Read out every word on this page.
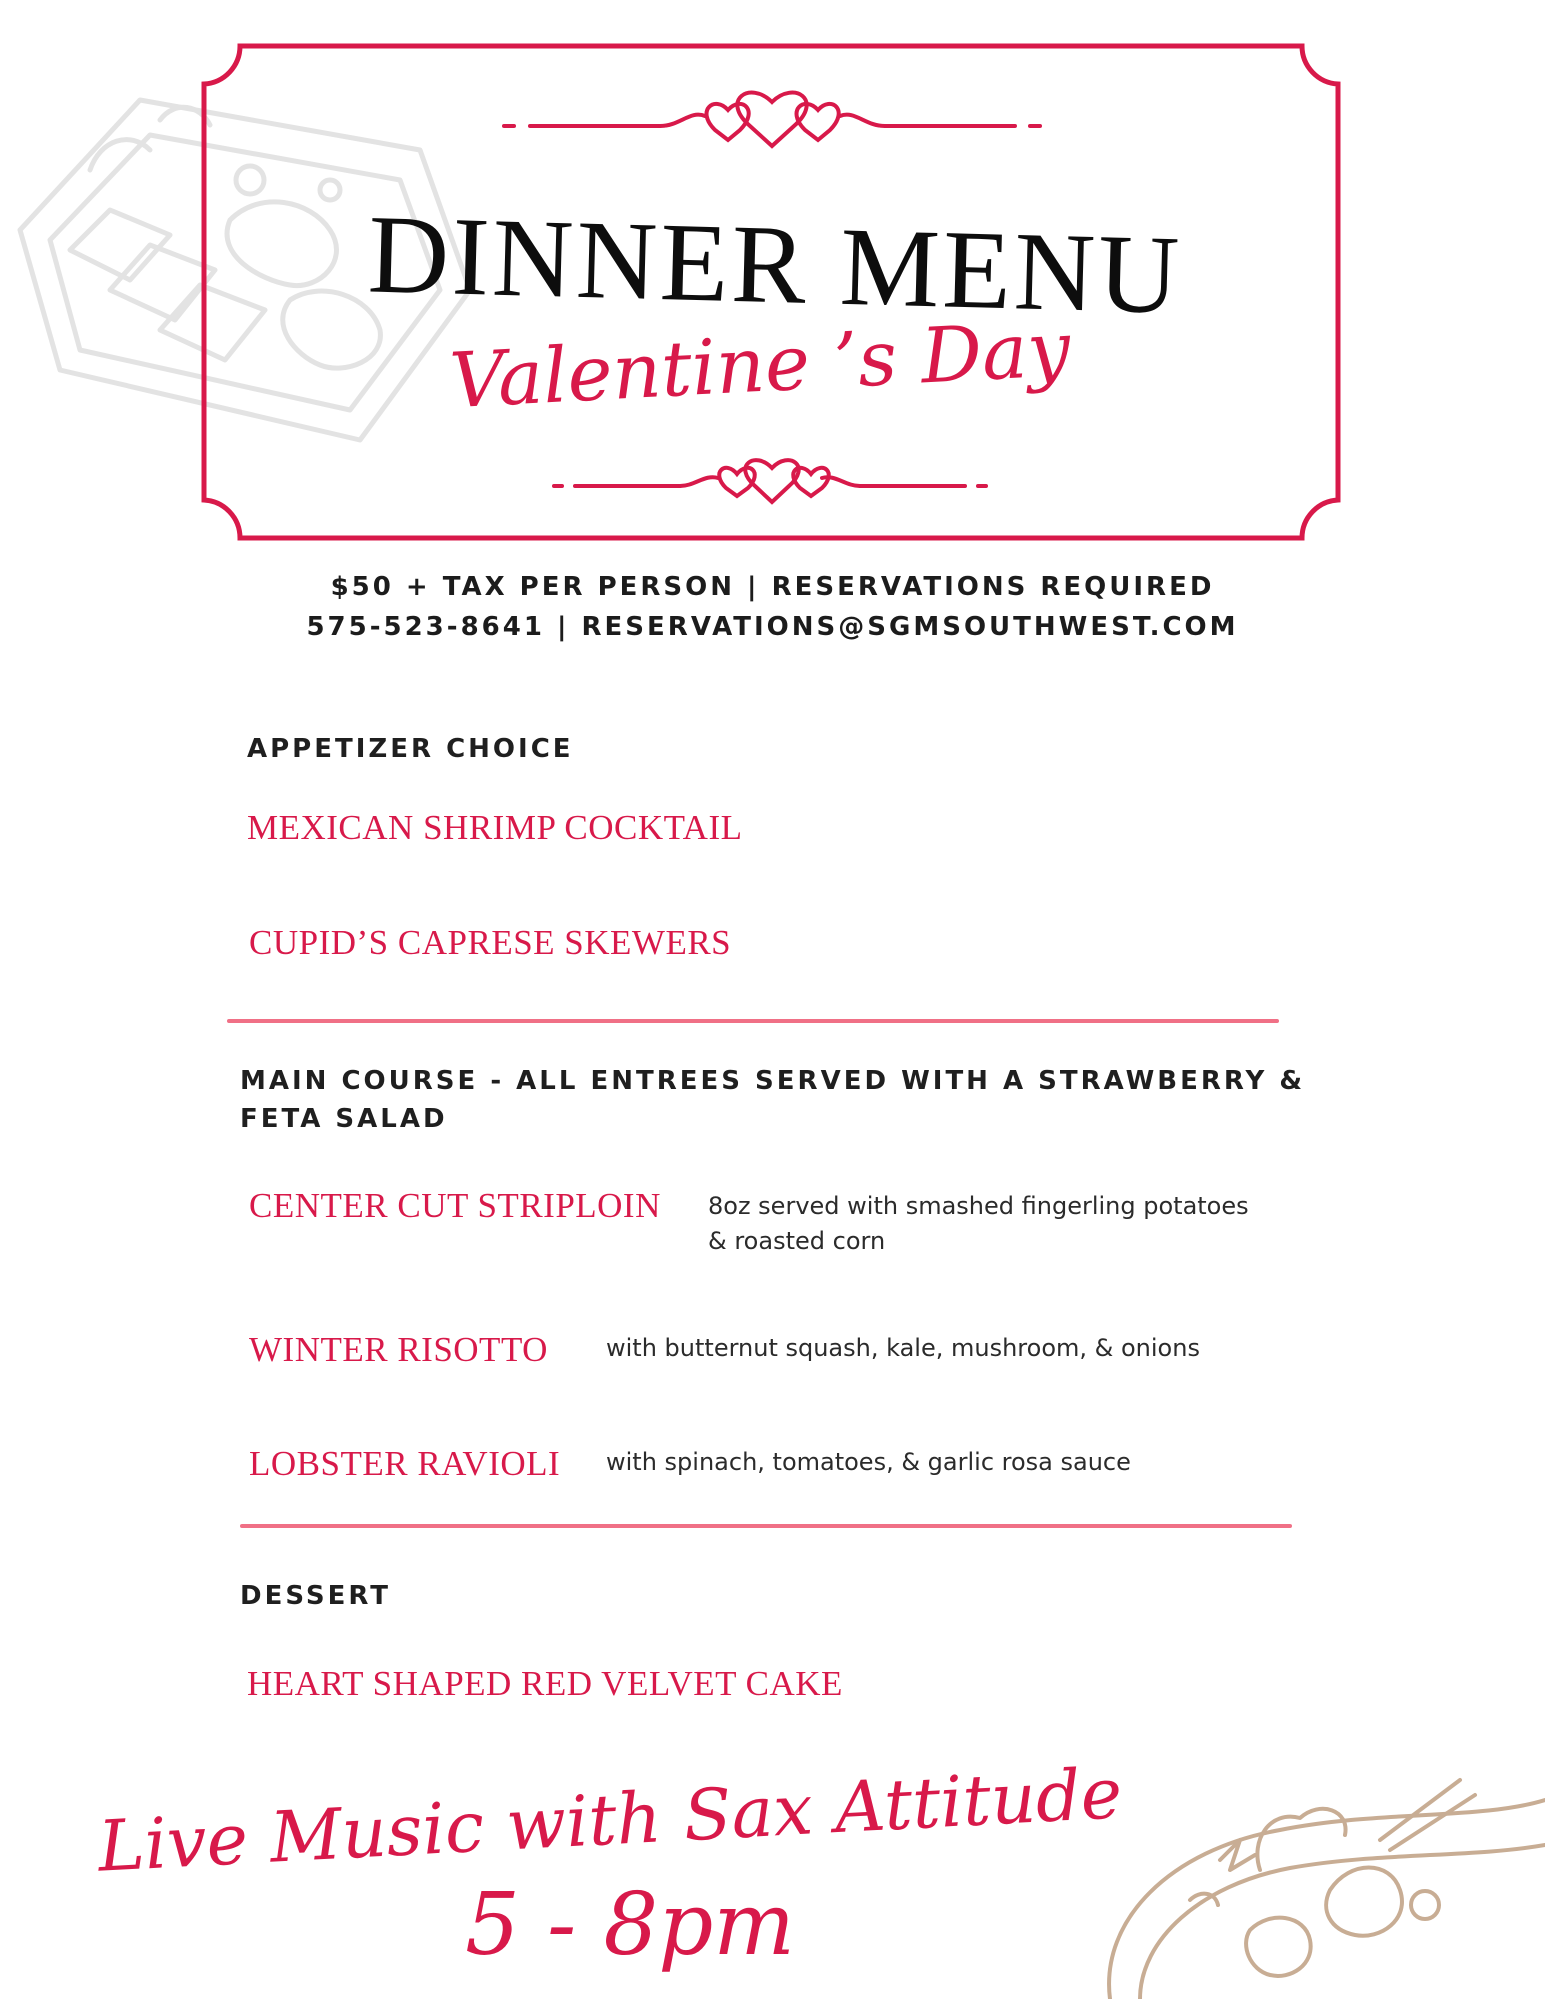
DINNER MENU
Valentine ’s Day
$50 + TAX PER PERSON | RESERVATIONS REQUIRED
575-523-8641 | RESERVATIONS@SGMSOUTHWEST.COM
APPETIZER CHOICE
MEXICAN SHRIMP COCKTAIL
CUPID’S CAPRESE SKEWERS
MAIN COURSE - ALL ENTREES SERVED WITH A STRAWBERRY &
FETA SALAD
CENTER CUT STRIPLOIN 8oz served with smashed fingerling potatoes
& roasted corn
WINTER RISOTTO with butternut squash, kale, mushroom, & onions
LOBSTER RAVIOLI with spinach, tomatoes, & garlic rosa sauce
DESSERT
HEART SHAPED RED VELVET CAKE
Live Music with Sax Attitude
5 - 8pm
